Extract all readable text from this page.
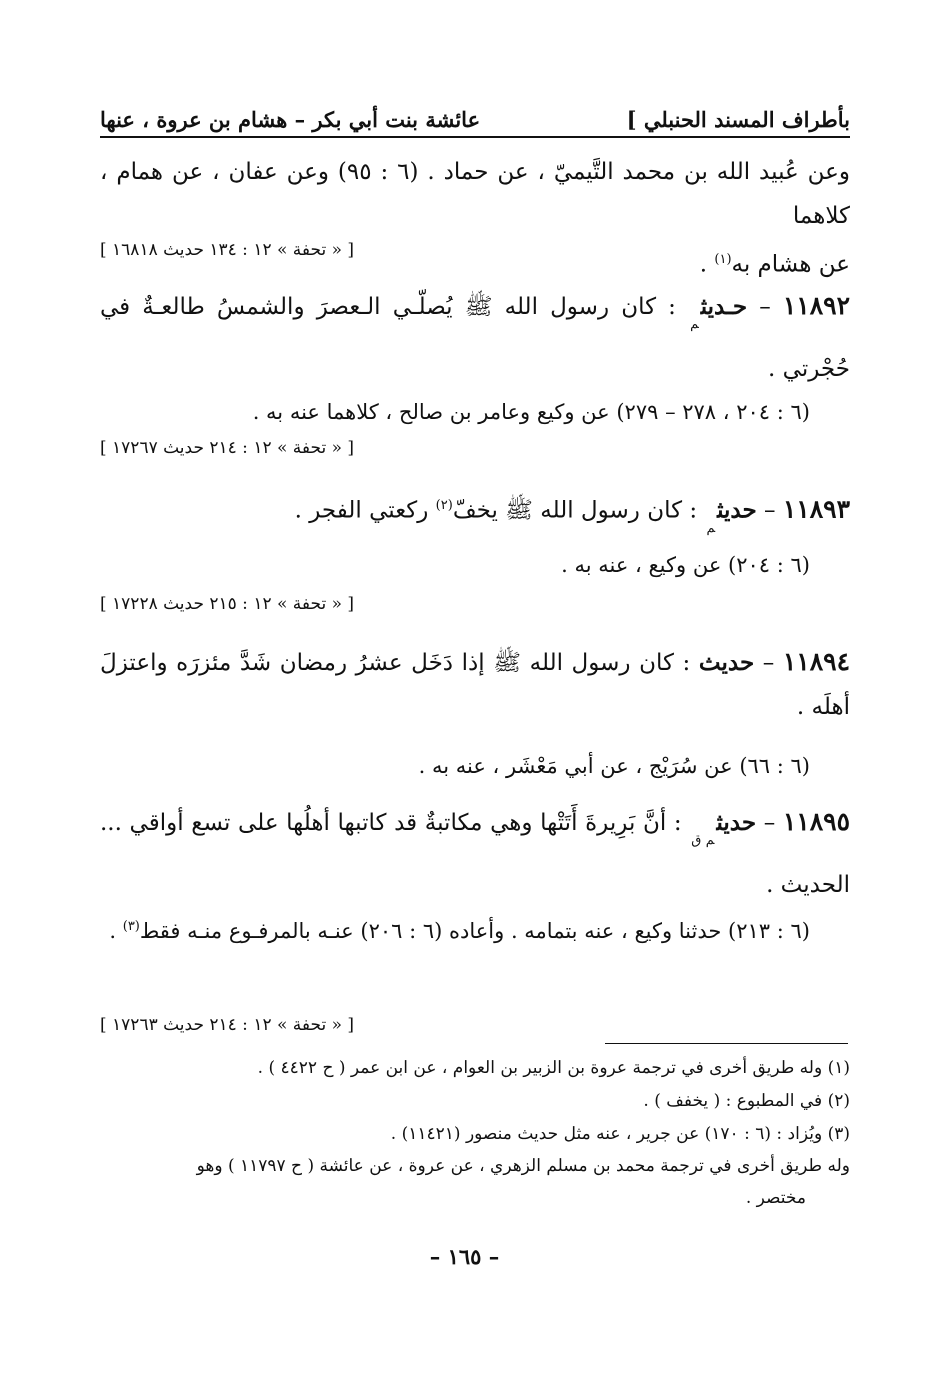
بأطراف المسند الحنبلي ]
عائشة بنت أبي بكر – هشام بن عروة ، عنها
وعن عُبيد الله بن محمد التَّيميّ ، عن حماد . (٦ : ٩٥) وعن عفان ، عن همام ، كلاهما
عن هشام به$^{(١)}$ .
[ « تحفة » ١٢ : ١٣٤ حديث ١٦٨١٨ ]
١١٨٩٢ – حـديث$_م$ : كان رسول الله ﷺ يُصلّـي الـعصرَ والشمسُ طالعـةٌ في حُجْرتي .
(٦ : ٢٠٤ ، ٢٧٨ – ٢٧٩) عن وكيع وعامر بن صالح ، كلاهما عنه به .
[ « تحفة » ١٢ : ٢١٤ حديث ١٧٢٦٧ ]
١١٨٩٣ – حديث$_م$ : كان رسول الله ﷺ يخفّ$^{(٢)}$ ركعتي الفجر .
(٦ : ٢٠٤) عن وكيع ، عنه به .
[ « تحفة » ١٢ : ٢١٥ حديث ١٧٢٢٨ ]
١١٨٩٤ – حديث : كان رسول الله ﷺ إذا دَخَل عشرُ رمضان شَدَّ مئزرَه واعتزلَ أهلَه .
(٦ : ٦٦) عن سُرَيْج ، عن أبي مَعْشَر ، عنه به .
١١٨٩٥ – حديث$_{م ق}$ : أنَّ بَرِيرةَ أَتَتْها وهي مكاتبةٌ قد كاتبها أهلُها على تسع أواقي ... الحديث .
(٦ : ٢١٣) حدثنا وكيع ، عنه بتمامه . وأعاده (٦ : ٢٠٦) عنـه بالمرفـوع منـه فقط$^{(٣)}$ .
[ « تحفة » ١٢ : ٢١٤ حديث ١٧٢٦٣ ]
(١) وله طريق أخرى في ترجمة عروة بن الزبير بن العوام ، عن ابن عمر ( ح ٤٤٢٢ ) .
(٢) في المطبوع : ( يخفف ) .
(٣) ويُزاد : (٦ : ١٧٠) عن جرير ، عنه مثل حديث منصور (١١٤٢١) .
وله طريق أخرى في ترجمة محمد بن مسلم الزهري ، عن عروة ، عن عائشة ( ح ١١٧٩٧ ) وهو
مختصر .
– ١٦٥ –
